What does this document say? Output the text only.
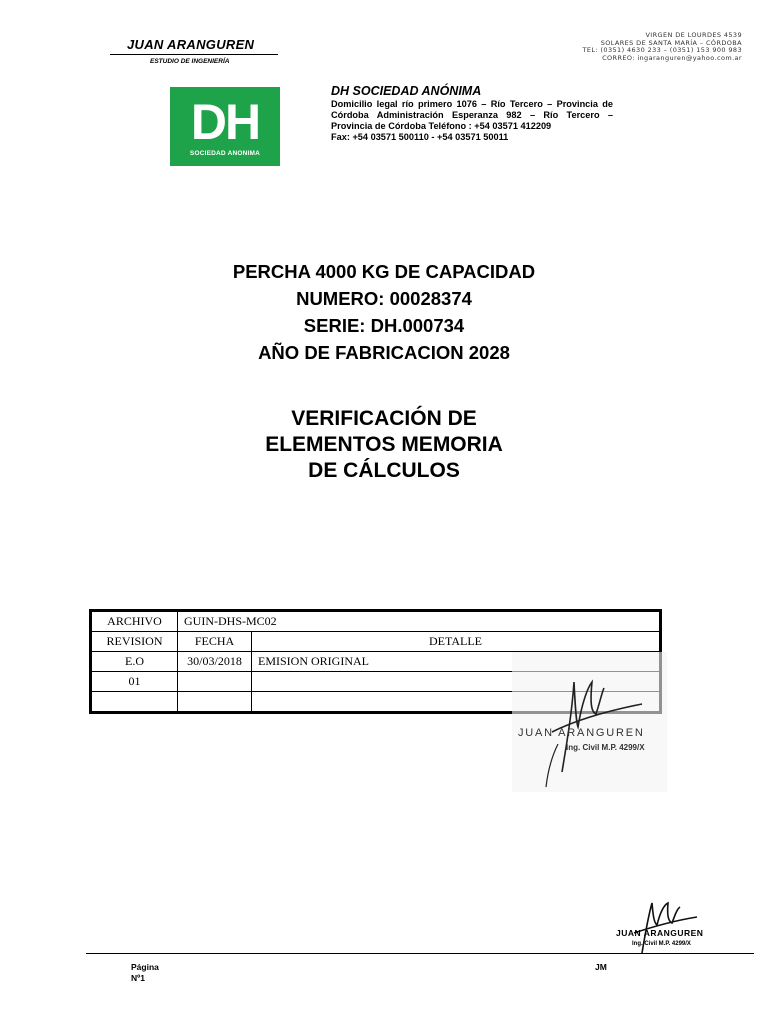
JUAN ARANGUREN
ESTUDIO DE INGENIERÍA
VIRGEN DE LOURDES 4539
SOLARES DE SANTA MARÍA – CÓRDOBA
TEL: (0351) 4630 233 – (0351) 153 900 983
CORREO: ingaranguren@yahoo.com.ar
DH
SOCIEDAD ANONIMA
DH SOCIEDAD ANÓNIMA
Domicilio legal río primero 1076 – Río Tercero – Provincia de Córdoba Administración Esperanza 982 – Río Tercero – Provincia de Córdoba Teléfono : +54 03571 412209
Fax: +54 03571 500110 - +54 03571 50011
PERCHA 4000 KG DE CAPACIDAD
NUMERO: 00028374
SERIE: DH.000734
AÑO DE FABRICACION 2028
VERIFICACIÓN DE
ELEMENTOS MEMORIA
DE CÁLCULOS
ARCHIVO	GUIN-DHS-MC02	
REVISION	FECHA	DETALLE
E.O	30/03/2018	EMISION ORIGINAL
01		

JUAN ARANGUREN
Ing. Civil M.P. 4299/X
JUAN ARANGUREN
Ing. Civil M.P. 4299/X
Página
Nº1
JM
